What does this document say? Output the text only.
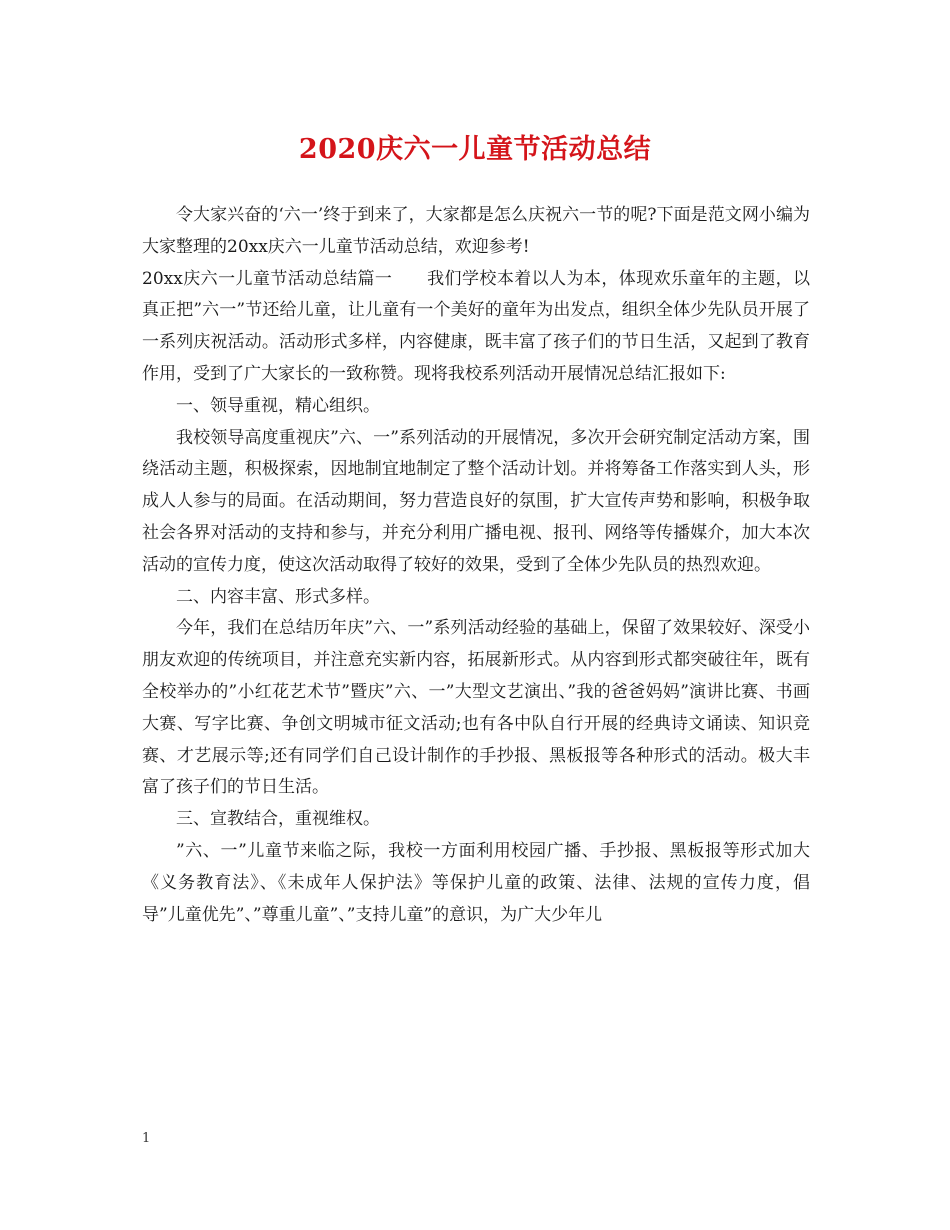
2020庆六一儿童节活动总结

令大家兴奋的‘六一’终于到来了，大家都是怎么庆祝六一节的呢?下面是范文网小编为大家整理的20xx庆六一儿童节活动总结，欢迎参考!

20xx庆六一儿童节活动总结篇一　　我们学校本着以人为本，体现欢乐童年的主题，以真正把”六一”节还给儿童，让儿童有一个美好的童年为出发点，组织全体少先队员开展了一系列庆祝活动。活动形式多样，内容健康，既丰富了孩子们的节日生活，又起到了教育作用，受到了广大家长的一致称赞。现将我校系列活动开展情况总结汇报如下:

一、领导重视，精心组织。

我校领导高度重视庆”六、一”系列活动的开展情况，多次开会研究制定活动方案，围绕活动主题，积极探索，因地制宜地制定了整个活动计划。并将筹备工作落实到人头，形成人人参与的局面。在活动期间，努力营造良好的氛围，扩大宣传声势和影响，积极争取社会各界对活动的支持和参与，并充分利用广播电视、报刊、网络等传播媒介，加大本次活动的宣传力度，使这次活动取得了较好的效果，受到了全体少先队员的热烈欢迎。

二、内容丰富、形式多样。

今年，我们在总结历年庆”六、一”系列活动经验的基础上，保留了效果较好、深受小朋友欢迎的传统项目，并注意充实新内容，拓展新形式。从内容到形式都突破往年，既有全校举办的”小红花艺术节”暨庆”六、一”大型文艺演出、”我的爸爸妈妈”演讲比赛、书画大赛、写字比赛、争创文明城市征文活动;也有各中队自行开展的经典诗文诵读、知识竞赛、才艺展示等;还有同学们自己设计制作的手抄报、黑板报等各种形式的活动。极大丰富了孩子们的节日生活。

三、宣教结合，重视维权。

”六、一”儿童节来临之际，我校一方面利用校园广播、手抄报、黑板报等形式加大《义务教育法》、《未成年人保护法》等保护儿童的政策、法律、法规的宣传力度，倡导”儿童优先”、”尊重儿童”、”支持儿童”的意识，为广大少年儿

1
